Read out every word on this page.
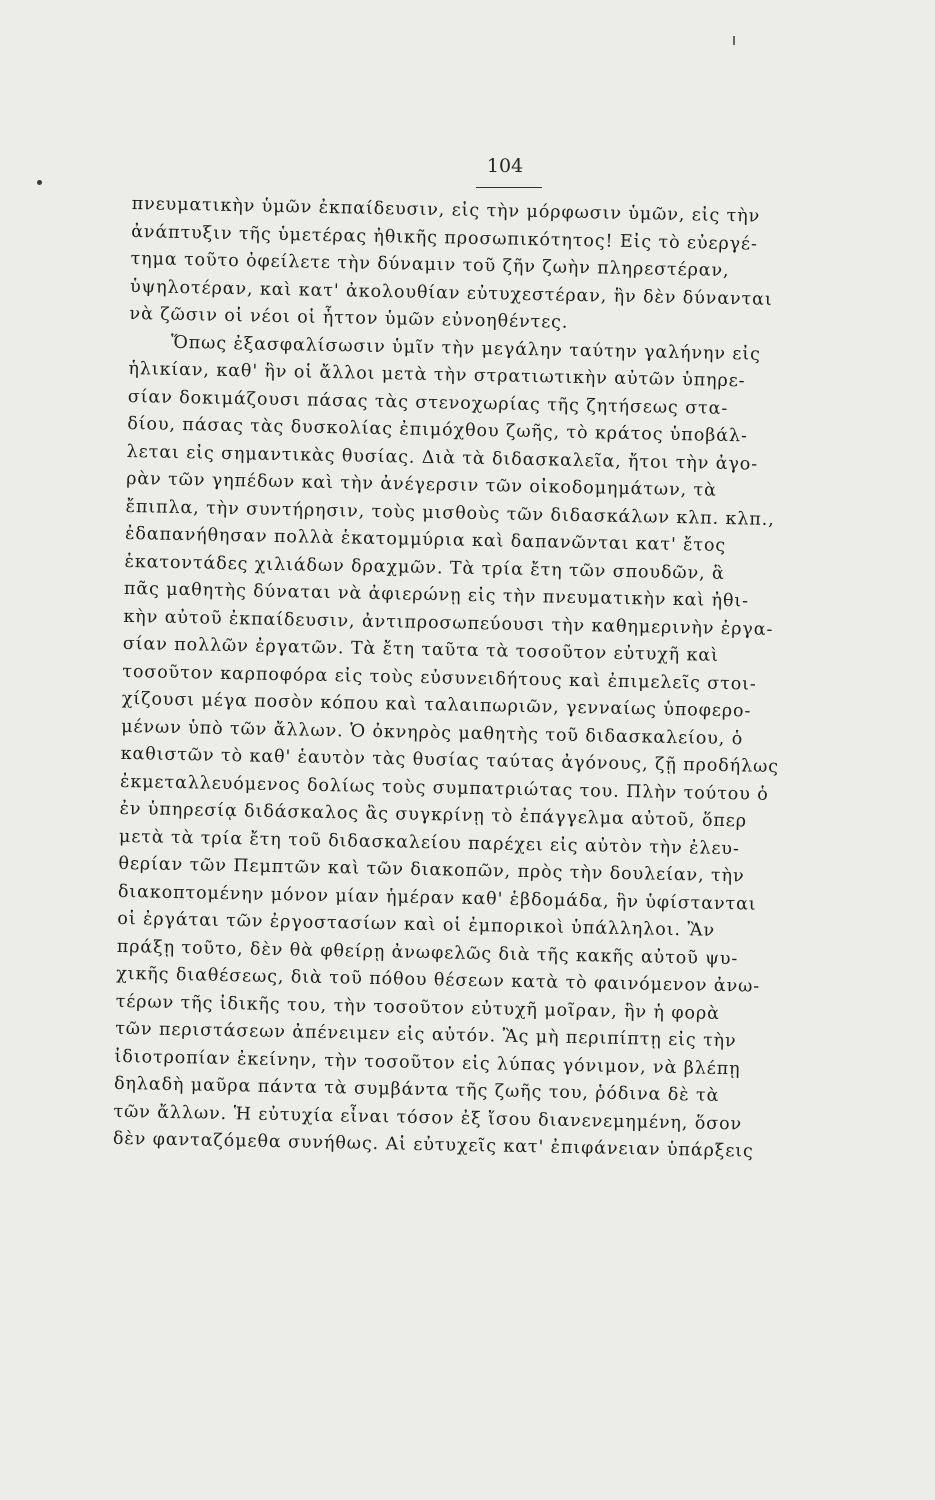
104
πνευματικὴν ὑμῶν ἐκπαίδευσιν, εἰς τὴν μόρφωσιν ὑμῶν, εἰς τὴν
ἀνάπτυξιν τῆς ὑμετέρας ἠθικῆς προσωπικότητος! Εἰς τὸ εὐεργέ-
τημα τοῦτο ὀφείλετε τὴν δύναμιν τοῦ ζῆν ζωὴν πληρεστέραν,
ὑψηλοτέραν, καὶ κατ' ἀκολουθίαν εὐτυχεστέραν, ἣν δὲν δύνανται
νὰ ζῶσιν οἱ νέοι οἱ ἧττον ὑμῶν εὐνοηθέντες.
Ὅπως ἐξασφαλίσωσιν ὑμῖν τὴν μεγάλην ταύτην γαλήνην εἰς
ἡλικίαν, καθ' ἣν οἱ ἄλλοι μετὰ τὴν στρατιωτικὴν αὐτῶν ὑπηρε-
σίαν δοκιμάζουσι πάσας τὰς στενοχωρίας τῆς ζητήσεως στα-
δίου, πάσας τὰς δυσκολίας ἐπιμόχθου ζωῆς, τὸ κράτος ὑποβάλ-
λεται εἰς σημαντικὰς θυσίας. Διὰ τὰ διδασκαλεῖα, ἤτοι τὴν ἀγο-
ρὰν τῶν γηπέδων καὶ τὴν ἀνέγερσιν τῶν οἰκοδομημάτων, τὰ
ἔπιπλα, τὴν συντήρησιν, τοὺς μισθοὺς τῶν διδασκάλων κλπ. κλπ.,
ἐδαπανήθησαν πολλὰ ἑκατομμύρια καὶ δαπανῶνται κατ' ἔτος
ἑκατοντάδες χιλιάδων δραχμῶν. Τὰ τρία ἔτη τῶν σπουδῶν, ἃ
πᾶς μαθητὴς δύναται νὰ ἀφιερώνῃ εἰς τὴν πνευματικὴν καὶ ἠθι-
κὴν αὐτοῦ ἐκπαίδευσιν, ἀντιπροσωπεύουσι τὴν καθημερινὴν ἐργα-
σίαν πολλῶν ἐργατῶν. Τὰ ἔτη ταῦτα τὰ τοσοῦτον εὐτυχῆ καὶ
τοσοῦτον καρποφόρα εἰς τοὺς εὐσυνειδήτους καὶ ἐπιμελεῖς στοι-
χίζουσι μέγα ποσὸν κόπου καὶ ταλαιπωριῶν, γενναίως ὑποφερο-
μένων ὑπὸ τῶν ἄλλων. Ὁ ὀκνηρὸς μαθητὴς τοῦ διδασκαλείου, ὁ
καθιστῶν τὸ καθ' ἑαυτὸν τὰς θυσίας ταύτας ἀγόνους, ζῇ προδήλως
ἐκμεταλλευόμενος δολίως τοὺς συμπατριώτας του. Πλὴν τούτου ὁ
ἐν ὑπηρεσίᾳ διδάσκαλος ἂς συγκρίνῃ τὸ ἐπάγγελμα αὐτοῦ, ὅπερ
μετὰ τὰ τρία ἔτη τοῦ διδασκαλείου παρέχει εἰς αὐτὸν τὴν ἐλευ-
θερίαν τῶν Πεμπτῶν καὶ τῶν διακοπῶν, πρὸς τὴν δουλείαν, τὴν
διακοπτομένην μόνον μίαν ἡμέραν καθ' ἑβδομάδα, ἣν ὑφίστανται
οἱ ἐργάται τῶν ἐργοστασίων καὶ οἱ ἐμπορικοὶ ὑπάλληλοι. Ἂν
πράξῃ τοῦτο, δὲν θὰ φθείρῃ ἀνωφελῶς διὰ τῆς κακῆς αὐτοῦ ψυ-
χικῆς διαθέσεως, διὰ τοῦ πόθου θέσεων κατὰ τὸ φαινόμενον ἀνω-
τέρων τῆς ἰδικῆς του, τὴν τοσοῦτον εὐτυχῆ μοῖραν, ἣν ἡ φορὰ
τῶν περιστάσεων ἀπένειμεν εἰς αὐτόν. Ἂς μὴ περιπίπτῃ εἰς τὴν
ἰδιοτροπίαν ἐκείνην, τὴν τοσοῦτον εἰς λύπας γόνιμον, νὰ βλέπῃ
δηλαδὴ μαῦρα πάντα τὰ συμβάντα τῆς ζωῆς του, ῥόδινα δὲ τὰ
τῶν ἄλλων. Ἡ εὐτυχία εἶναι τόσον ἐξ ἴσου διανενεμημένη, ὅσον
δὲν φανταζόμεθα συνήθως. Αἱ εὐτυχεῖς κατ' ἐπιφάνειαν ὑπάρξεις
